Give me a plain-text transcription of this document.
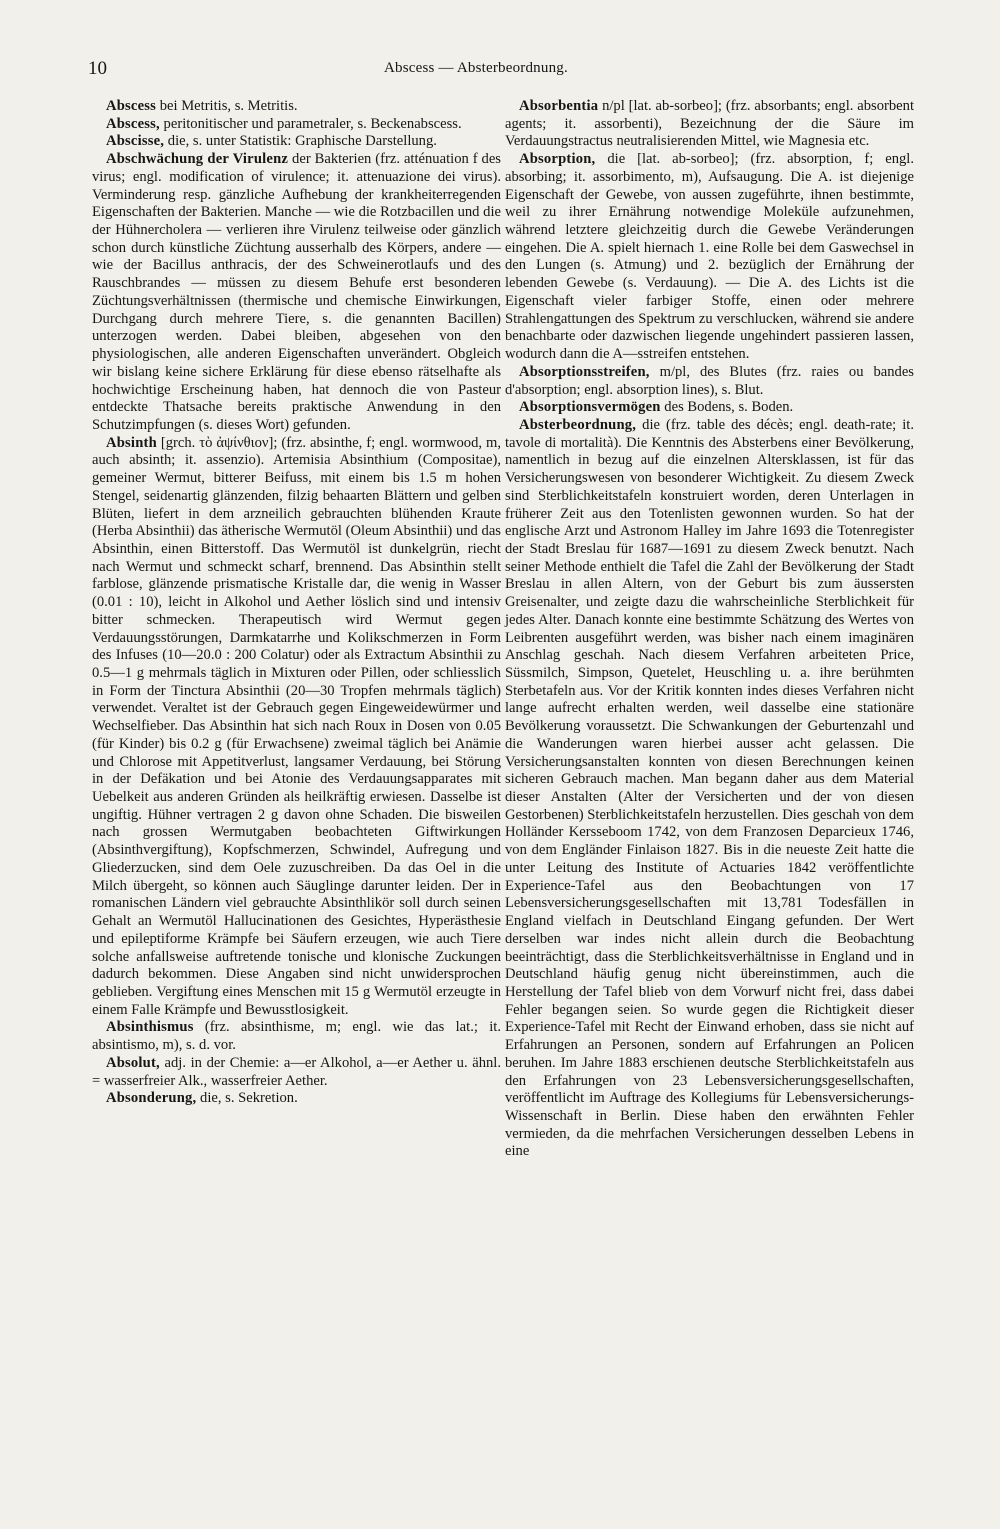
10	Abscess — Absterbeordnung.

Abscess bei Metritis, s. Metritis.

Abscess, peritonitischer und parametraler, s. Beckenabscess.

Abscisse, die, s. unter Statistik: Graphische Darstellung.

Abschwächung der Virulenz der Bakterien (frz. atténuation f des virus; engl. modification of virulence; it. attenuazione dei virus). Verminderung resp. gänzliche Aufhebung der krankheiterregenden Eigenschaften der Bakterien. Manche — wie die Rotzbacillen und die der Hühnercholera — verlieren ihre Virulenz teilweise oder gänzlich schon durch künstliche Züchtung ausserhalb des Körpers, andere — wie der Bacillus anthracis, der des Schweinerotlaufs und des Rauschbrandes — müssen zu diesem Behufe erst besonderen Züchtungsverhältnissen (thermische und chemische Einwirkungen, Durchgang durch mehrere Tiere, s. die genannten Bacillen) unterzogen werden. Dabei bleiben, abgesehen von den physiologischen, alle anderen Eigenschaften unverändert. Obgleich wir bislang keine sichere Erklärung für diese ebenso rätselhafte als hochwichtige Erscheinung haben, hat dennoch die von Pasteur entdeckte Thatsache bereits praktische Anwendung in den Schutzimpfungen (s. dieses Wort) gefunden.

Absinth [grch. τὸ ἀψίνθιον]; (frz. absinthe, f; engl. wormwood, m, auch absinth; it. assenzio). Artemisia Absinthium (Compositae), gemeiner Wermut, bitterer Beifuss, mit einem bis 1.5 m hohen Stengel, seidenartig glänzenden, filzig behaarten Blättern und gelben Blüten, liefert in dem arzneilich gebrauchten blühenden Kraute (Herba Absinthii) das ätherische Wermutöl (Oleum Absinthii) und das Absinthin, einen Bitterstoff. Das Wermutöl ist dunkelgrün, riecht nach Wermut und schmeckt scharf, brennend. Das Absinthin stellt farblose, glänzende prismatische Kristalle dar, die wenig in Wasser (0.01 : 10), leicht in Alkohol und Aether löslich sind und intensiv bitter schmecken. Therapeutisch wird Wermut gegen Verdauungsstörungen, Darmkatarrhe und Kolikschmerzen in Form des Infuses (10—20.0 : 200 Colatur) oder als Extractum Absinthii zu 0.5—1 g mehrmals täglich in Mixturen oder Pillen, oder schliesslich in Form der Tinctura Absinthii (20—30 Tropfen mehrmals täglich) verwendet. Veraltet ist der Gebrauch gegen Eingeweidewürmer und Wechselfieber. Das Absinthin hat sich nach Roux in Dosen von 0.05 (für Kinder) bis 0.2 g (für Erwachsene) zweimal täglich bei Anämie und Chlorose mit Appetitverlust, langsamer Verdauung, bei Störung in der Defäkation und bei Atonie des Verdauungsapparates mit Uebelkeit aus anderen Gründen als heilkräftig erwiesen. Dasselbe ist ungiftig. Hühner vertragen 2 g davon ohne Schaden. Die bisweilen nach grossen Wermutgaben beobachteten Giftwirkungen (Absinthvergiftung), Kopfschmerzen, Schwindel, Aufregung und Gliederzucken, sind dem Oele zuzuschreiben. Da das Oel in die Milch übergeht, so können auch Säuglinge darunter leiden. Der in romanischen Ländern viel gebrauchte Absinthlikör soll durch seinen Gehalt an Wermutöl Hallucinationen des Gesichtes, Hyperästhesie und epileptiforme Krämpfe bei Säufern erzeugen, wie auch Tiere solche anfallsweise auftretende tonische und klonische Zuckungen dadurch bekommen. Diese Angaben sind nicht unwidersprochen geblieben. Vergiftung eines Menschen mit 15 g Wermutöl erzeugte in einem Falle Krämpfe und Bewusstlosigkeit.

Absinthismus (frz. absinthisme, m; engl. wie das lat.; it. absintismo, m), s. d. vor.

Absolut, adj. in der Chemie: a—er Alkohol, a—er Aether u. ähnl. = wasserfreier Alk., wasserfreier Aether.

Absonderung, die, s. Sekretion.

Absorbentia n/pl [lat. ab-sorbeo]; (frz. absorbants; engl. absorbent agents; it. assorbenti), Bezeichnung der die Säure im Verdauungstractus neutralisierenden Mittel, wie Magnesia etc.

Absorption, die [lat. ab-sorbeo]; (frz. absorption, f; engl. absorbing; it. assorbimento, m), Aufsaugung. Die A. ist diejenige Eigenschaft der Gewebe, von aussen zugeführte, ihnen bestimmte, weil zu ihrer Ernährung notwendige Moleküle aufzunehmen, während letztere gleichzeitig durch die Gewebe Veränderungen eingehen. Die A. spielt hiernach 1. eine Rolle bei dem Gaswechsel in den Lungen (s. Atmung) und 2. bezüglich der Ernährung der lebenden Gewebe (s. Verdauung). — Die A. des Lichts ist die Eigenschaft vieler farbiger Stoffe, einen oder mehrere Strahlengattungen des Spektrum zu verschlucken, während sie andere benachbarte oder dazwischen liegende ungehindert passieren lassen, wodurch dann die A—sstreifen entstehen.

Absorptionsstreifen, m/pl, des Blutes (frz. raies ou bandes d'absorption; engl. absorption lines), s. Blut.

Absorptionsvermögen des Bodens, s. Boden.

Absterbeordnung, die (frz. table des décès; engl. death-rate; it. tavole di mortalità). Die Kenntnis des Absterbens einer Bevölkerung, namentlich in bezug auf die einzelnen Altersklassen, ist für das Versicherungswesen von besonderer Wichtigkeit. Zu diesem Zweck sind Sterblichkeitstafeln konstruiert worden, deren Unterlagen in früherer Zeit aus den Totenlisten gewonnen wurden. So hat der englische Arzt und Astronom Halley im Jahre 1693 die Totenregister der Stadt Breslau für 1687—1691 zu diesem Zweck benutzt. Nach seiner Methode enthielt die Tafel die Zahl der Bevölkerung der Stadt Breslau in allen Altern, von der Geburt bis zum äussersten Greisenalter, und zeigte dazu die wahrscheinliche Sterblichkeit für jedes Alter. Danach konnte eine bestimmte Schätzung des Wertes von Leibrenten ausgeführt werden, was bisher nach einem imaginären Anschlag geschah. Nach diesem Verfahren arbeiteten Price, Süssmilch, Simpson, Quetelet, Heuschling u. a. ihre berühmten Sterbetafeln aus. Vor der Kritik konnten indes dieses Verfahren nicht lange aufrecht erhalten werden, weil dasselbe eine stationäre Bevölkerung voraussetzt. Die Schwankungen der Geburtenzahl und die Wanderungen waren hierbei ausser acht gelassen. Die Versicherungsanstalten konnten von diesen Berechnungen keinen sicheren Gebrauch machen. Man begann daher aus dem Material dieser Anstalten (Alter der Versicherten und der von diesen Gestorbenen) Sterblichkeitstafeln herzustellen. Dies geschah von dem Holländer Kersseboom 1742, von dem Franzosen Deparcieux 1746, von dem Engländer Finlaison 1827. Bis in die neueste Zeit hatte die unter Leitung des Institute of Actuaries 1842 veröffentlichte Experience-Tafel aus den Beobachtungen von 17 Lebensversicherungsgesellschaften mit 13,781 Todesfällen in England vielfach in Deutschland Eingang gefunden. Der Wert derselben war indes nicht allein durch die Beobachtung beeinträchtigt, dass die Sterblichkeitsverhältnisse in England und in Deutschland häufig genug nicht übereinstimmen, auch die Herstellung der Tafel blieb von dem Vorwurf nicht frei, dass dabei Fehler begangen seien. So wurde gegen die Richtigkeit dieser Experience-Tafel mit Recht der Einwand erhoben, dass sie nicht auf Erfahrungen an Personen, sondern auf Erfahrungen an Policen beruhen. Im Jahre 1883 erschienen deutsche Sterblichkeitstafeln aus den Erfahrungen von 23 Lebensversicherungsgesellschaften, veröffentlicht im Auftrage des Kollegiums für Lebensversicherungs-Wissenschaft in Berlin. Diese haben den erwähnten Fehler vermieden, da die mehrfachen Versicherungen desselben Lebens in eine
